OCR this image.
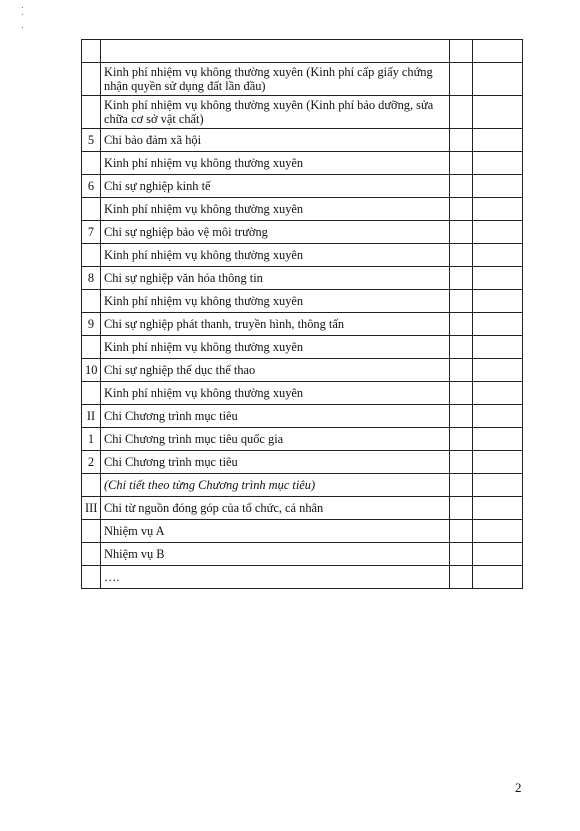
	Kinh phí nhiệm vụ không thường xuyên (Kinh phí cấp giấy chứng nhận quyền sử dụng đất lần đầu)		
	Kinh phí nhiệm vụ không thường xuyên (Kinh phí bảo dưỡng, sửa chữa cơ sở vật chất)		
5	Chi bảo đảm xã hội		
	Kinh phí nhiệm vụ không thường xuyên		
6	Chi sự nghiệp kinh tế		
	Kinh phí nhiệm vụ không thường xuyên		
7	Chi sự nghiệp bảo vệ môi trường		
	Kinh phí nhiệm vụ không thường xuyên		
8	Chi sự nghiệp văn hóa thông tin		
	Kinh phí nhiệm vụ không thường xuyên		
9	Chi sự nghiệp phát thanh, truyền hình, thông tấn		
	Kinh phí nhiệm vụ không thường xuyên		
10	Chi sự nghiệp thể dục thể thao		
	Kinh phí nhiệm vụ không thường xuyên		
II	Chi Chương trình mục tiêu		
1	Chi Chương trình mục tiêu quốc gia		
2	Chi Chương trình mục tiêu		
	(Chi tiết theo từng Chương trình mục tiêu)		
III	Chi từ nguồn đóng góp của tổ chức, cá nhân		
	Nhiệm vụ A		
	Nhiệm vụ B		
	….		
2
